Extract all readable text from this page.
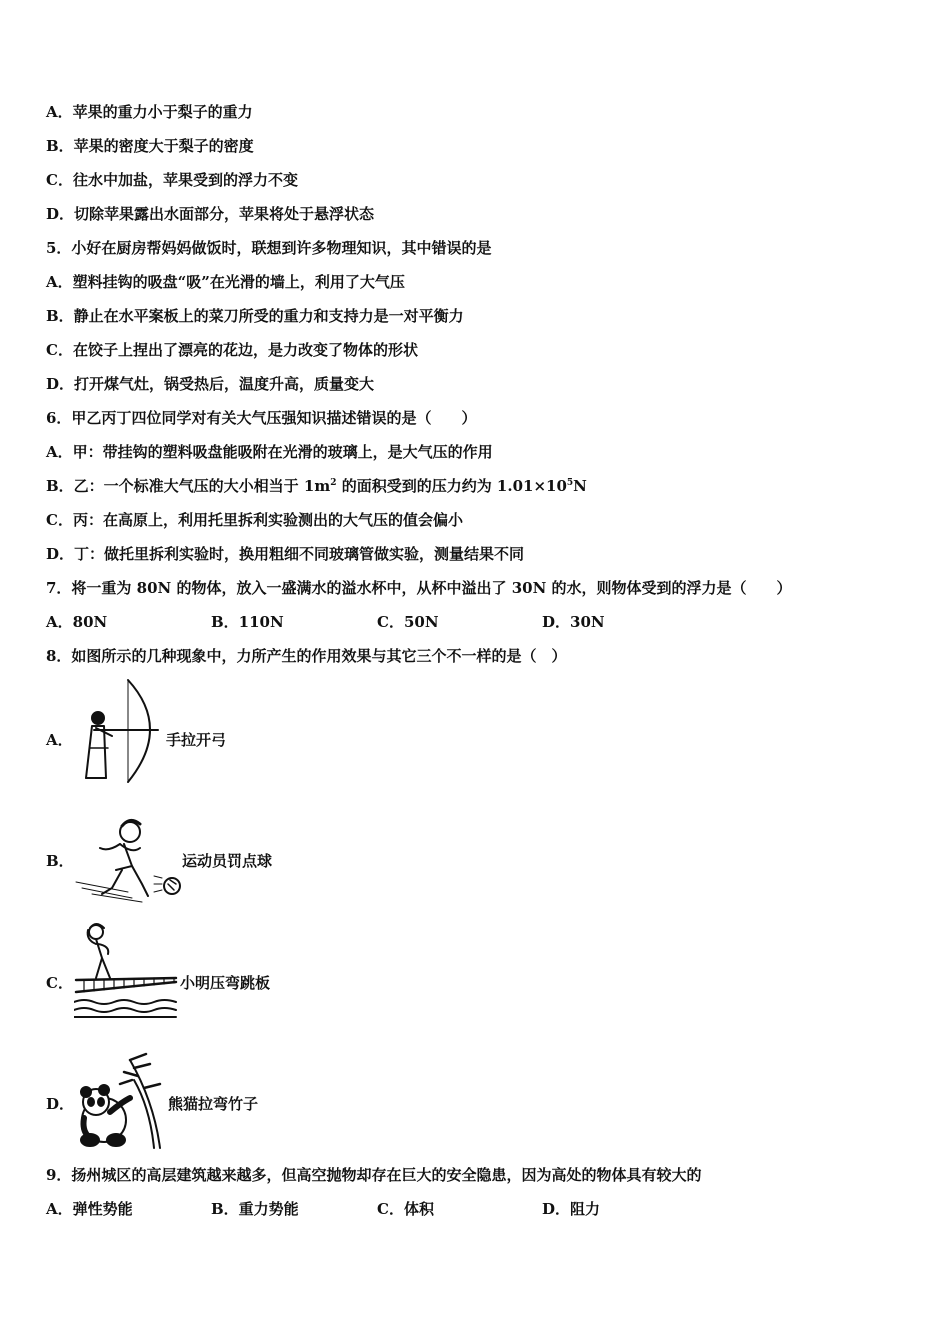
A．苹果的重力小于梨子的重力
B．苹果的密度大于梨子的密度
C．往水中加盐，苹果受到的浮力不变
D．切除苹果露出水面部分，苹果将处于悬浮状态
5．小好在厨房帮妈妈做饭时，联想到许多物理知识，其中错误的是
A．塑料挂钩的吸盘“吸”在光滑的墙上，利用了大气压
B．静止在水平案板上的菜刀所受的重力和支持力是一对平衡力
C．在饺子上捏出了漂亮的花边，是力改变了物体的形状
D．打开煤气灶，锅受热后，温度升高，质量变大
6．甲乙丙丁四位同学对有关大气压强知识描述错误的是（　　）
A．甲：带挂钩的塑料吸盘能吸附在光滑的玻璃上，是大气压的作用
B．乙：一个标准大气压的大小相当于 $1m^2$ 的面积受到的压力约为 $1.01\times 10^5N$
C．丙：在高原上，利用托里拆利实验测出的大气压的值会偏小
D．丁：做托里拆利实验时，换用粗细不同玻璃管做实验，测量结果不同
7．将一重为 80N 的物体，放入一盛满水的溢水杯中，从杯中溢出了 30N 的水，则物体受到的浮力是（　　）
A．80N	B．110N	C．50N	D．30N
8．如图所示的几种现象中，力所产生的作用效果与其它三个不一样的是（　）
A．	手拉开弓
B．	运动员罚点球
C．	小明压弯跳板
D．	熊猫拉弯竹子
9．扬州城区的高层建筑越来越多，但高空抛物却存在巨大的安全隐患，因为高处的物体具有较大的
A．弹性势能	B．重力势能	C．体积	D．阻力
